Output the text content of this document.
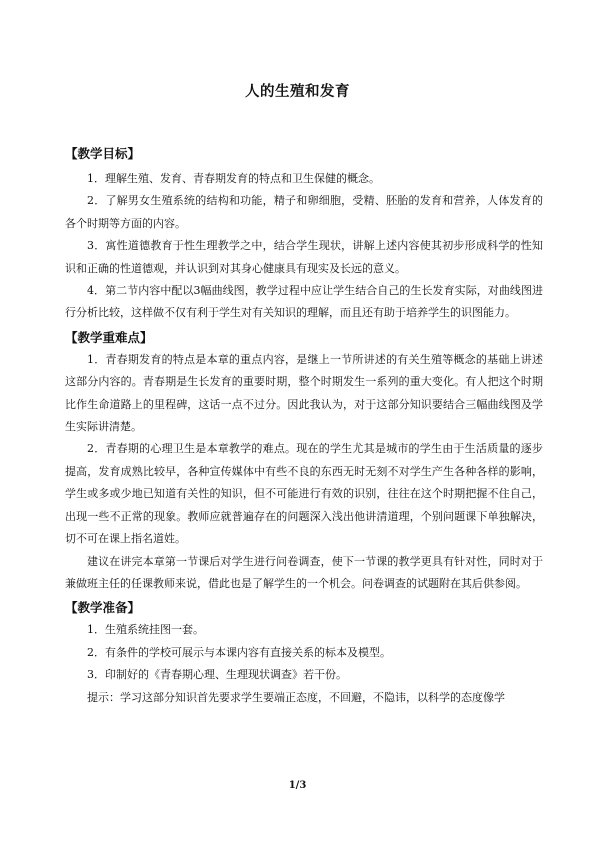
人的生殖和发育

【教学目标】

1．理解生殖、发育、青春期发育的特点和卫生保健的概念。

2．了解男女生殖系统的结构和功能，精子和卵细胞，受精、胚胎的发育和营养，人体发育的各个时期等方面的内容。

3．寓性道德教育于性生理教学之中，结合学生现状，讲解上述内容使其初步形成科学的性知识和正确的性道德观，并认识到对其身心健康具有现实及长远的意义。

4．第二节内容中配以3幅曲线图，教学过程中应让学生结合自己的生长发育实际，对曲线图进行分析比较，这样做不仅有利于学生对有关知识的理解，而且还有助于培养学生的识图能力。

【教学重难点】

1．青春期发育的特点是本章的重点内容，是继上一节所讲述的有关生殖等概念的基础上讲述这部分内容的。青春期是生长发育的重要时期，整个时期发生一系列的重大变化。有人把这个时期比作生命道路上的里程碑，这话一点不过分。因此我认为，对于这部分知识要结合三幅曲线图及学生实际讲清楚。

2．青春期的心理卫生是本章教学的难点。现在的学生尤其是城市的学生由于生活质量的逐步提高，发育成熟比较早，各种宣传媒体中有些不良的东西无时无刻不对学生产生各种各样的影响，学生或多或少地已知道有关性的知识，但不可能进行有效的识别，往往在这个时期把握不住自己，出现一些不正常的现象。教师应就普遍存在的问题深入浅出他讲清道理，个别问题课下单独解决，切不可在课上指名道姓。

建议在讲完本章第一节课后对学生进行问卷调查，使下一节课的教学更具有针对性，同时对于兼做班主任的任课教师来说，借此也是了解学生的一个机会。问卷调查的试题附在其后供参阅。

【教学准备】

1．生殖系统挂图一套。

2．有条件的学校可展示与本课内容有直接关系的标本及模型。

3．印制好的《青春期心理、生理现状调查》若干份。

提示：学习这部分知识首先要求学生要端正态度，不回避，不隐讳，以科学的态度像学

1/3
